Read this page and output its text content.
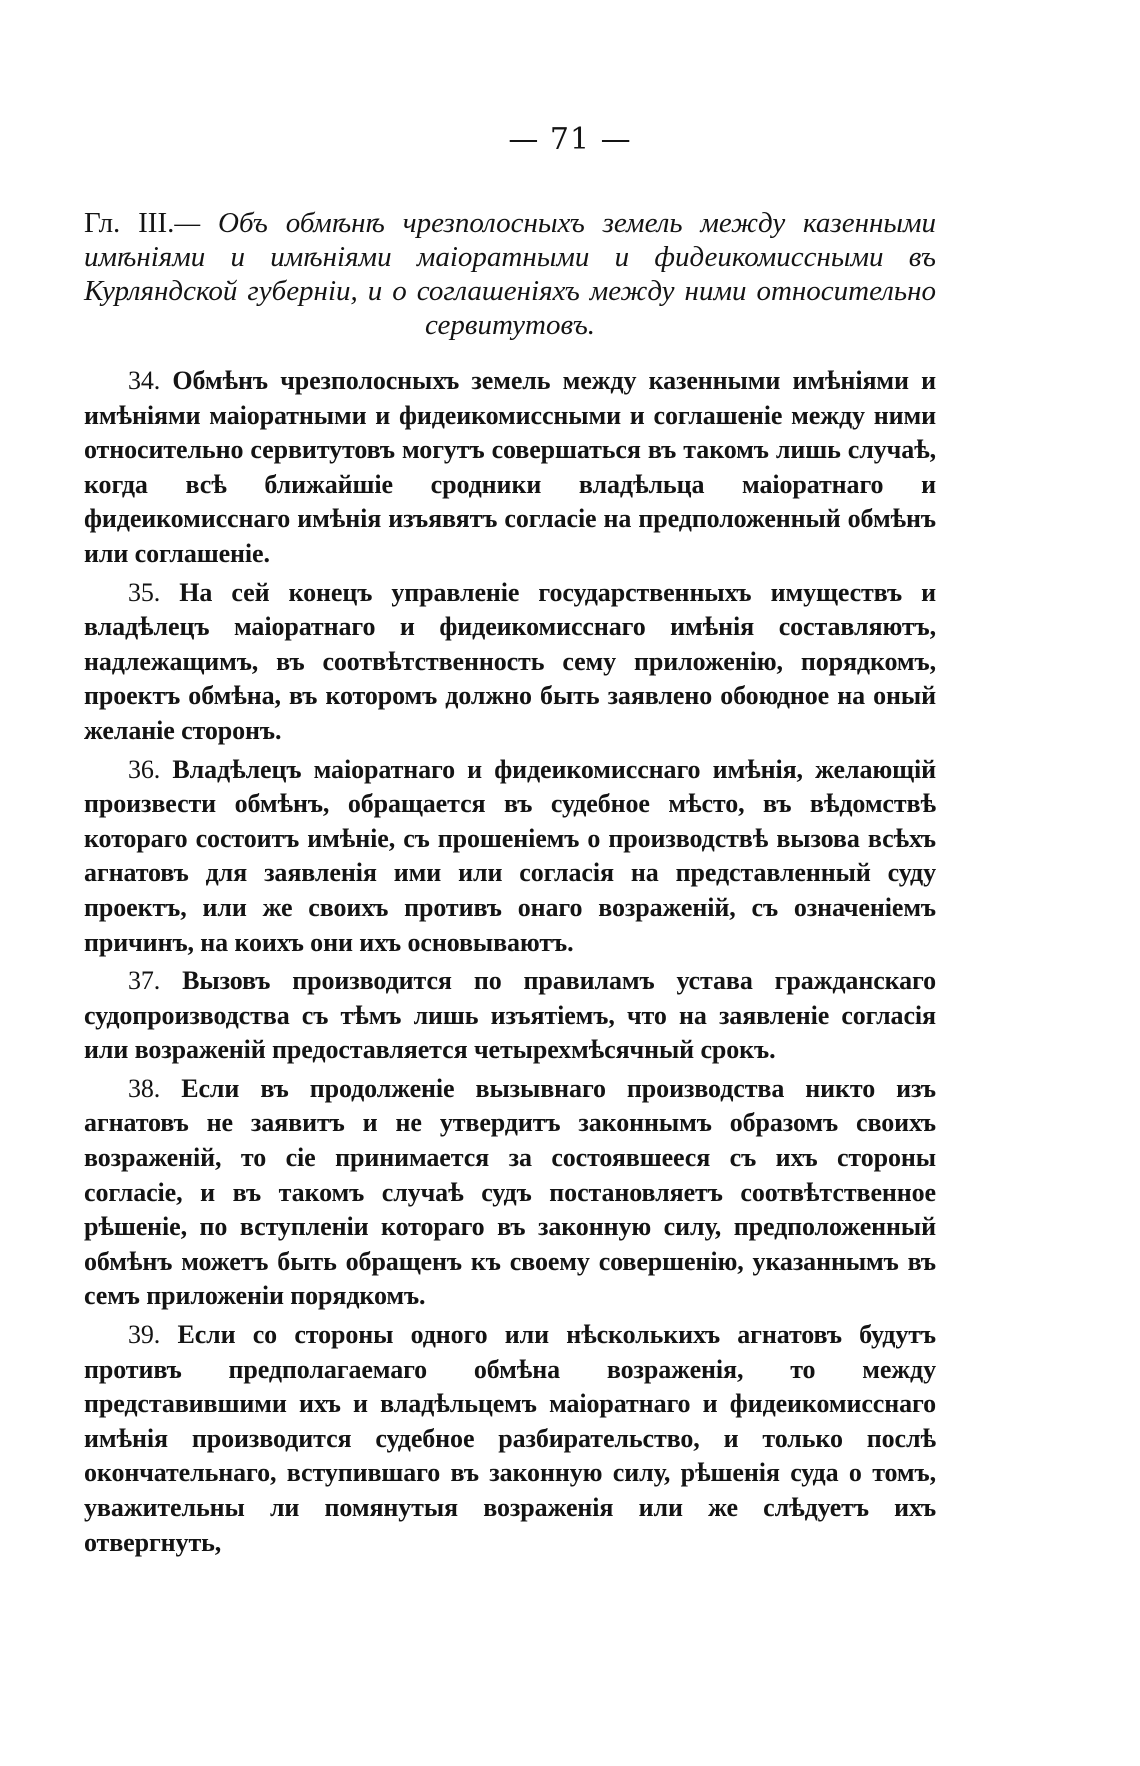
— 71 —

Гл. III.— Объ обмѣнѣ чрезполосныхъ земель между казенными имѣніями и имѣніями маіоратными и фидеикомиссными въ Курляндской губерніи, и о соглашеніяхъ между ними относительно сервитутовъ.

34. Обмѣнъ чрезполосныхъ земель между казенными имѣніями и имѣніями маіоратными и фидеикомиссными и соглашеніе между ними относительно сервитутовъ могутъ совершаться въ такомъ лишь случаѣ, когда всѣ ближайшіе сродники владѣльца маіоратнаго и фидеикомисснаго имѣнія изъявятъ согласіе на предположенный обмѣнъ или соглашеніе.

35. На сей конецъ управленіе государственныхъ имуществъ и владѣлецъ маіоратнаго и фидеикомисснаго имѣнія составляютъ, надлежащимъ, въ соотвѣтственность сему приложенію, порядкомъ, проектъ обмѣна, въ которомъ должно быть заявлено обоюдное на оный желаніе сторонъ.

36. Владѣлецъ маіоратнаго и фидеикомисснаго имѣнія, желающій произвести обмѣнъ, обращается въ судебное мѣсто, въ вѣдомствѣ котораго состоитъ имѣніе, съ прошеніемъ о производствѣ вызова всѣхъ агнатовъ для заявленія ими или согласія на представленный суду проектъ, или же своихъ противъ онаго возраженій, съ означеніемъ причинъ, на коихъ они ихъ основываютъ.

37. Вызовъ производится по правиламъ устава гражданскаго судопроизводства съ тѣмъ лишь изъятіемъ, что на заявленіе согласія или возраженій предоставляется четырехмѣсячный срокъ.

38. Если въ продолженіе вызывнаго производства никто изъ агнатовъ не заявитъ и не утвердитъ законнымъ образомъ своихъ возраженій, то сіе принимается за состоявшееся съ ихъ стороны согласіе, и въ такомъ случаѣ судъ постановляетъ соотвѣтственное рѣшеніе, по вступленіи котораго въ законную силу, предположенный обмѣнъ можетъ быть обращенъ къ своему совершенію, указаннымъ въ семъ приложеніи порядкомъ.

39. Если со стороны одного или нѣсколькихъ агнатовъ будутъ противъ предполагаемаго обмѣна возраженія, то между представившими ихъ и владѣльцемъ маіоратнаго и фидеикомисснаго имѣнія производится судебное разбирательство, и только послѣ окончательнаго, вступившаго въ законную силу, рѣшенія суда о томъ, уважительны ли помянутыя возраженія или же слѣдуетъ ихъ отвергнуть,
